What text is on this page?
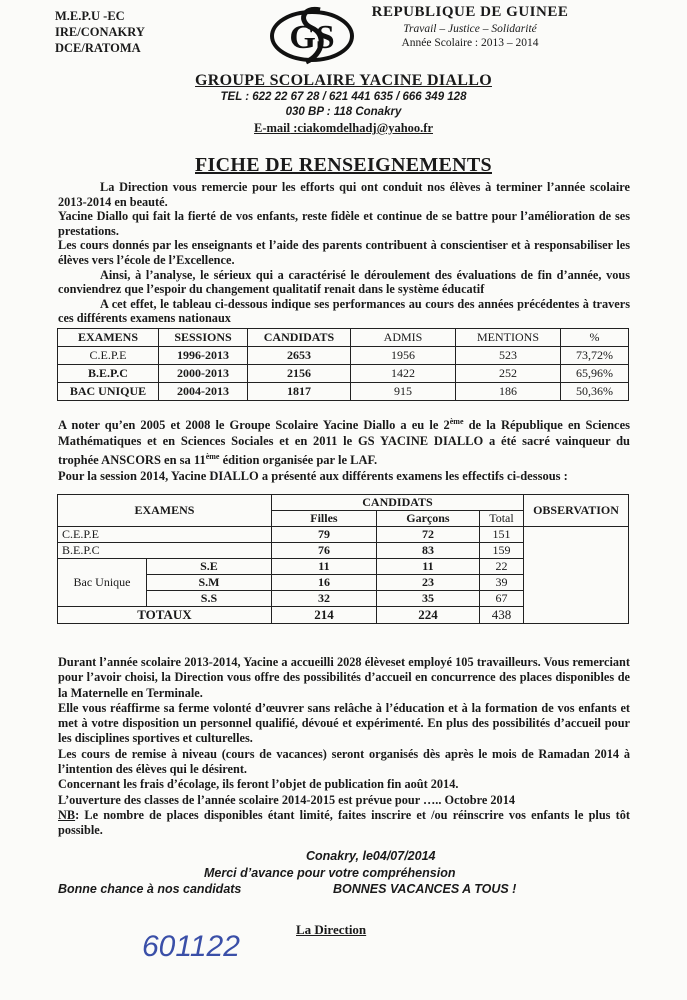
M.E.P.U -EC
IRE/CONAKRY
DCE/RATOMA	GS
REPUBLIQUE DE GUINEE
Travail – Justice – Solidarité
Année Scolaire : 2013 – 2014
GROUPE SCOLAIRE YACINE DIALLO
TEL : 622 22 67 28 / 621 441 635 / 666 349 128
030 BP : 118 Conakry
E-mail :ciakomdelhadj@yahoo.fr
FICHE DE RENSEIGNEMENTS

La Direction vous remercie pour les efforts qui ont conduit nos élèves à terminer l’année scolaire 2013-2014 en beauté.

Yacine Diallo qui fait la fierté de vos enfants, reste fidèle et continue de se battre pour l’amélioration de ses prestations.

Les cours donnés par les enseignants et l’aide des parents contribuent à conscientiser et à responsabiliser les élèves vers l’école de l’Excellence.

Ainsi, à l’analyse, le sérieux qui a caractérisé le déroulement des évaluations de fin d’année, vous conviendrez que l’espoir du changement qualitatif renait dans le système éducatif

A cet effet, le tableau ci-dessous indique ses performances au cours des années précédentes à travers ces différents examens nationaux

EXAMENS	SESSIONS	CANDIDATS	ADMIS	MENTIONS	%
C.E.P.E	1996-2013	2653	1956	523	73,72%
B.E.P.C	2000-2013	2156	1422	252	65,96%
BAC UNIQUE	2004-2013	1817	915	186	50,36%

A noter qu’en 2005 et 2008 le Groupe Scolaire Yacine Diallo a eu le 2ème de la République en Sciences Mathématiques et en Sciences Sociales et en 2011 le GS YACINE DIALLO a été sacré vainqueur du trophée ANSCORS en sa 11ème édition organisée par le LAF.

Pour la session 2014, Yacine DIALLO a présenté aux différents examens les effectifs ci-dessous :

EXAMENS		CANDIDATS			OBSERVATION
		Filles	Garçons	Total	
C.E.P.E		79	72	151	
B.E.P.C		76	83	159	
Bac Unique	S.E	11	11	22	
	S.M	16	23	39	
	S.S	32	35	67	
TOTAUX		214	224	438	

Durant l’année scolaire 2013-2014, Yacine a accueilli 2028 élèveset employé 105 travailleurs. Vous remerciant pour l’avoir choisi, la Direction vous offre des possibilités d’accueil en concurrence des places disponibles de la Maternelle en Terminale.

Elle vous réaffirme sa ferme volonté d’œuvrer sans relâche à l’éducation et à la formation de vos enfants et met à votre disposition un personnel qualifié, dévoué et expérimenté. En plus des possibilités d’accueil pour les disciplines sportives et culturelles.

Les cours de remise à niveau (cours de vacances) seront organisés dès après le mois de Ramadan 2014 à l’intention des élèves qui le désirent.

Concernant les frais d’écolage, ils feront l’objet de publication fin août 2014.

L’ouverture des classes de l’année scolaire 2014-2015 est prévue pour ….. Octobre 2014

NB: Le nombre de places disponibles étant limité, faites inscrire et /ou réinscrire vos enfants le plus tôt possible.

Conakry, le04/07/2014
Merci d’avance pour votre compréhension
Bonne chance à nos candidats	BONNES VACANCES A TOUS !
La Direction
601122
